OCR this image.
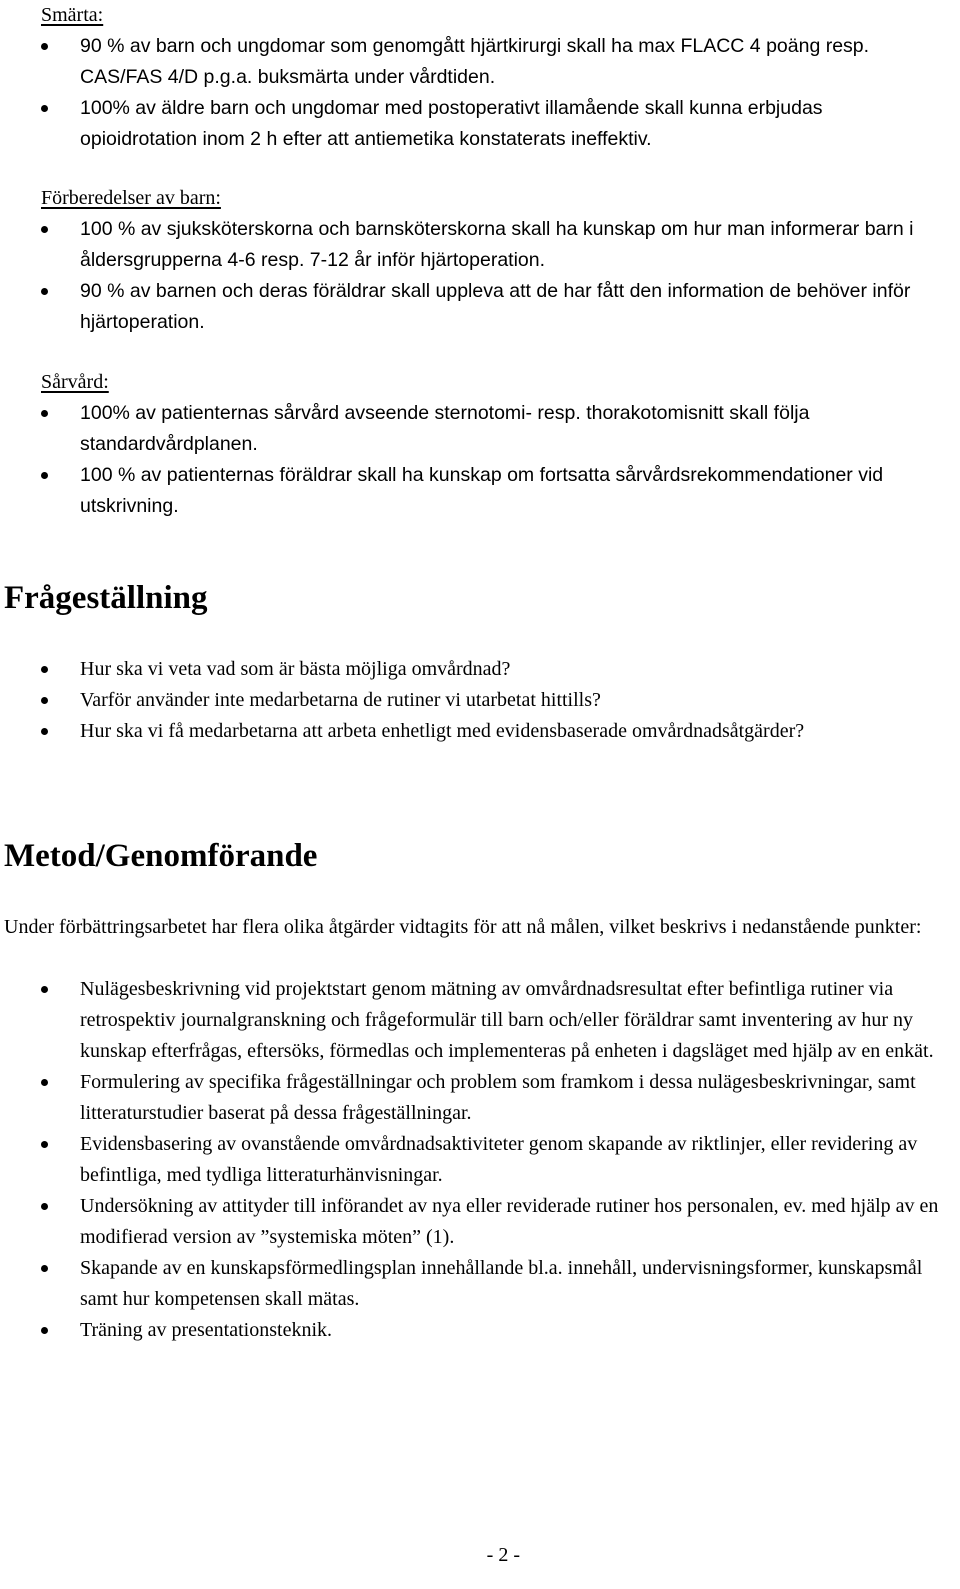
Smärta:
90 % av barn och ungdomar som genomgått hjärtkirurgi skall ha max FLACC 4 poäng resp. CAS/FAS 4/D p.g.a. buksmärta under vårdtiden.
100% av äldre barn och ungdomar med postoperativt illamående skall kunna erbjudas opioidrotation inom 2 h efter att antiemetika konstaterats ineffektiv.
Förberedelser av barn:
100 % av sjuksköterskorna och barnsköterskorna skall ha kunskap om hur man informerar barn i åldersgrupperna 4-6 resp. 7-12 år inför hjärtoperation.
90 % av barnen och deras föräldrar skall uppleva att de har fått den information de behöver inför hjärtoperation.
Sårvård:
100% av patienternas sårvård avseende sternotomi- resp. thorakotomisnitt skall följa standardvårdplanen.
100 % av patienternas föräldrar skall ha kunskap om fortsatta sårvårdsrekommendationer vid utskrivning.
Frågeställning
Hur ska vi veta vad som är bästa möjliga omvårdnad?
Varför använder inte medarbetarna de rutiner vi utarbetat hittills?
Hur ska vi få medarbetarna att arbeta enhetligt med evidensbaserade omvårdnadsåtgärder?
Metod/Genomförande
Under förbättringsarbetet har flera olika åtgärder vidtagits för att nå målen, vilket beskrivs i nedanstående punkter:
Nulägesbeskrivning vid projektstart genom mätning av omvårdnadsresultat efter befintliga rutiner via retrospektiv journalgranskning och frågeformulär till barn och/eller föräldrar samt inventering av hur ny kunskap efterfrågas, eftersöks, förmedlas och implementeras på enheten i dagsläget med hjälp av en enkät.
Formulering av specifika frågeställningar och problem som framkom i dessa nulägesbeskrivningar, samt litteraturstudier baserat på dessa frågeställningar.
Evidensbasering av ovanstående omvårdnadsaktiviteter genom skapande av riktlinjer, eller revidering av befintliga, med tydliga litteraturhänvisningar.
Undersökning av attityder till införandet av nya eller reviderade rutiner hos personalen, ev. med hjälp av en modifierad version av ”systemiska möten” (1).
Skapande av en kunskapsförmedlingsplan innehållande bl.a. innehåll, undervisningsformer, kunskapsmål samt hur kompetensen skall mätas.
Träning av presentationsteknik.
- 2 -
